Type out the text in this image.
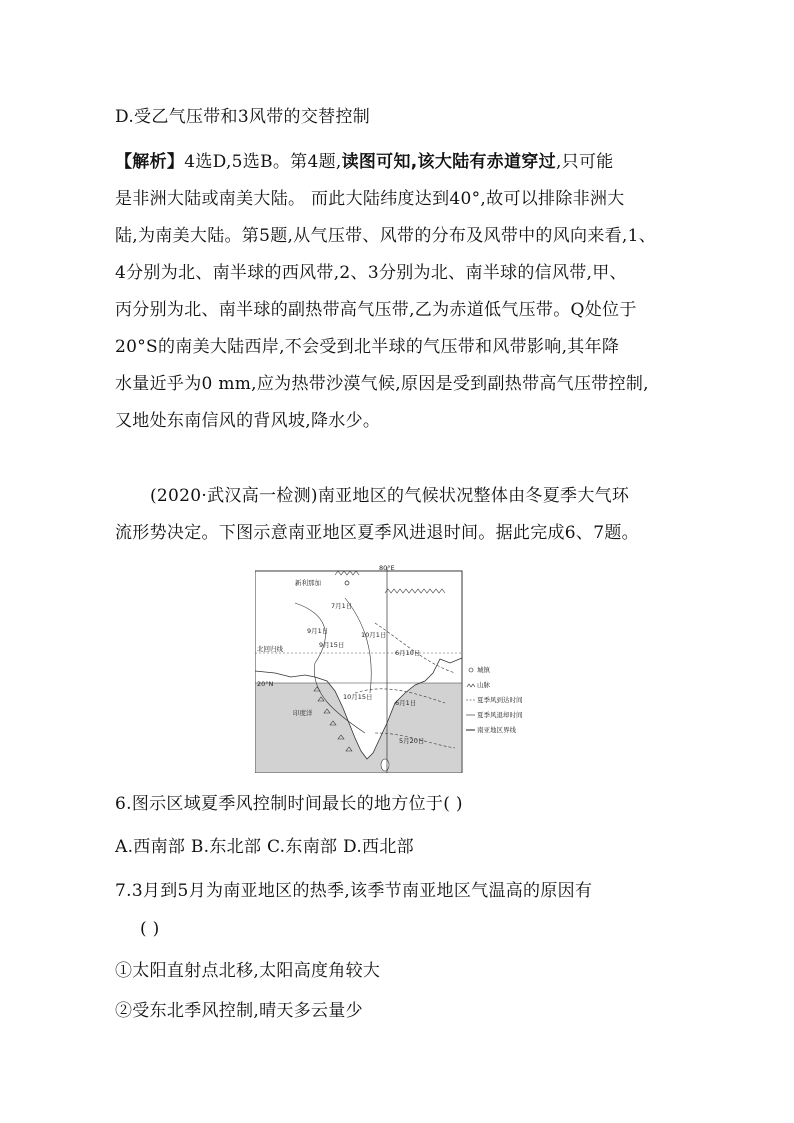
D.受乙气压带和3风带的交替控制
【解析】4选D,5选B。第4题,读图可知,该大陆有赤道穿过,只可能
是非洲大陆或南美大陆。 而此大陆纬度达到40°,故可以排除非洲大
陆,为南美大陆。第5题,从气压带、风带的分布及风带中的风向来看,1、
4分别为北、南半球的西风带,2、3分别为北、南半球的信风带,甲、
丙分别为北、南半球的副热带高气压带,乙为赤道低气压带。Q处位于
20°S的南美大陆西岸,不会受到北半球的气压带和风带影响,其年降
水量近乎为0 mm,应为热带沙漠气候,原因是受到副热带高气压带控制,
又地处东南信风的背风坡,降水少。
(2020·武汉高一检测)南亚地区的气候状况整体由冬夏季大气环
流形势决定。下图示意南亚地区夏季风进退时间。据此完成6、7题。
80°E
北回归线
20°N
新利那加
7月1日
9月1日
9月15日
10月1日
6月10日
10月15日
6月1日
5月20日
印度洋
城镇
山脉
夏季风到达时间
夏季风退却时间
南亚地区界线
6.图示区域夏季风控制时间最长的地方位于( )
A.西南部 B.东北部 C.东南部 D.西北部
7.3月到5月为南亚地区的热季,该季节南亚地区气温高的原因有
( )
①太阳直射点北移,太阳高度角较大
②受东北季风控制,晴天多云量少
